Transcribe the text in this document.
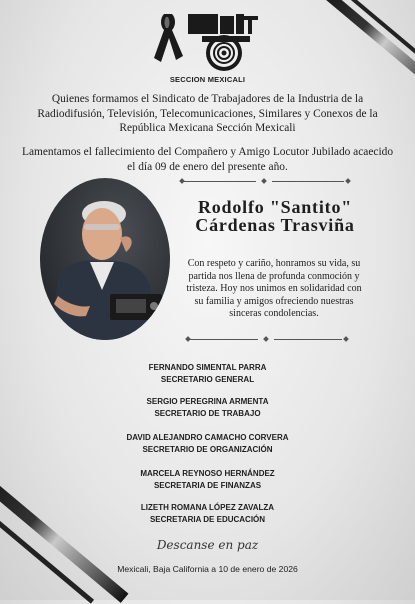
SECCION MEXICALI
Quienes formamos el Sindicato de Trabajadores de la Industria de la Radiodifusión, Televisión, Telecomunicaciones, Similares y Conexos de la República Mexicana Sección Mexicali
Lamentamos el fallecimiento del Compañero y Amigo Locutor Jubilado acaecido el día 09 de enero del presente año.
Rodolfo "Santito"
Cárdenas Trasviña
Con respeto y cariño, honramos su vida, su partida nos llena de profunda conmoción y tristeza. Hoy nos unimos en solidaridad con su familia y amigos ofreciendo nuestras sinceras condolencias.
FERNANDO SIMENTAL PARRA
SECRETARIO GENERAL
SERGIO PEREGRINA ARMENTA
SECRETARIO DE TRABAJO
DAVID ALEJANDRO CAMACHO CORVERA
SECRETARIO DE ORGANIZACIÓN
MARCELA REYNOSO HERNÁNDEZ
SECRETARIA DE FINANZAS
LIZETH ROMANA LÓPEZ ZAVALZA
SECRETARIA DE EDUCACIÓN
Descanse en paz
Mexicali, Baja California a 10 de enero de 2026
